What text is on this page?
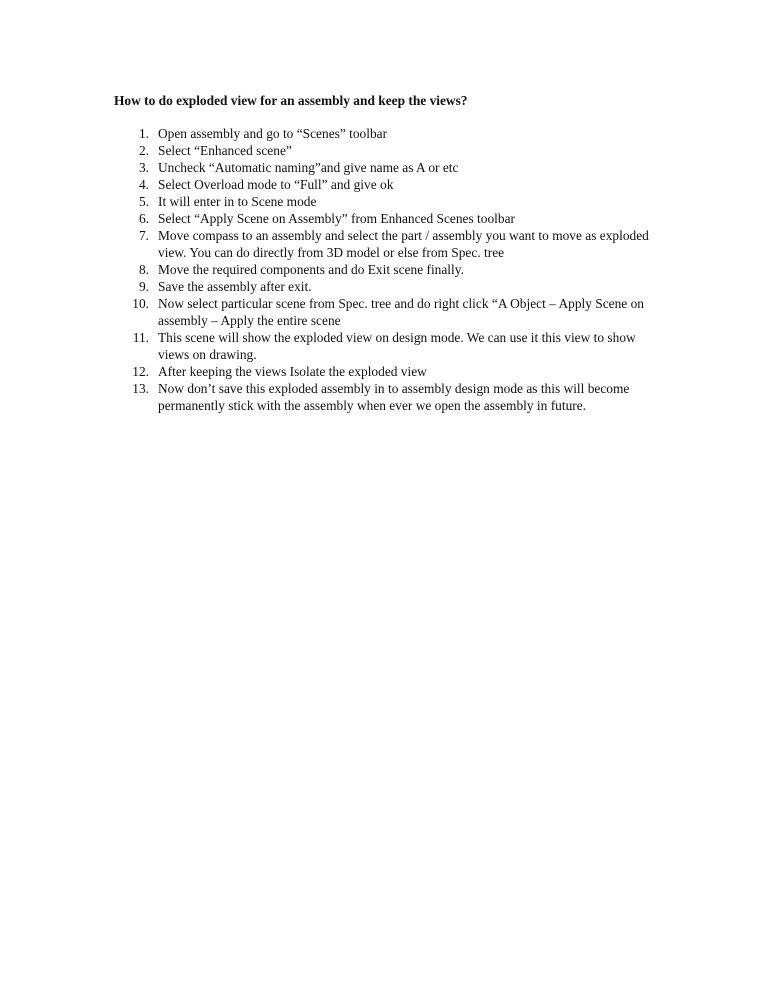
How to do exploded view for an assembly and keep the views?
1. Open assembly and go to “Scenes” toolbar
2. Select “Enhanced scene”
3. Uncheck “Automatic naming”and give name as A or etc
4. Select Overload mode to “Full” and give ok
5. It will enter in to Scene mode
6. Select “Apply Scene on Assembly” from Enhanced Scenes toolbar
7. Move compass to an assembly and select the part / assembly you want to move as exploded view. You can do directly from 3D model or else from Spec. tree
8. Move the required components and do Exit scene finally.
9. Save the assembly after exit.
10. Now select particular scene from Spec. tree and do right click “A Object – Apply Scene on assembly – Apply the entire scene
11. This scene will show the exploded view on design mode. We can use it this view to show views on drawing.
12. After keeping the views Isolate the exploded view
13. Now don’t save this exploded assembly in to assembly design mode as this will become permanently stick with the assembly when ever we open the assembly in future.
